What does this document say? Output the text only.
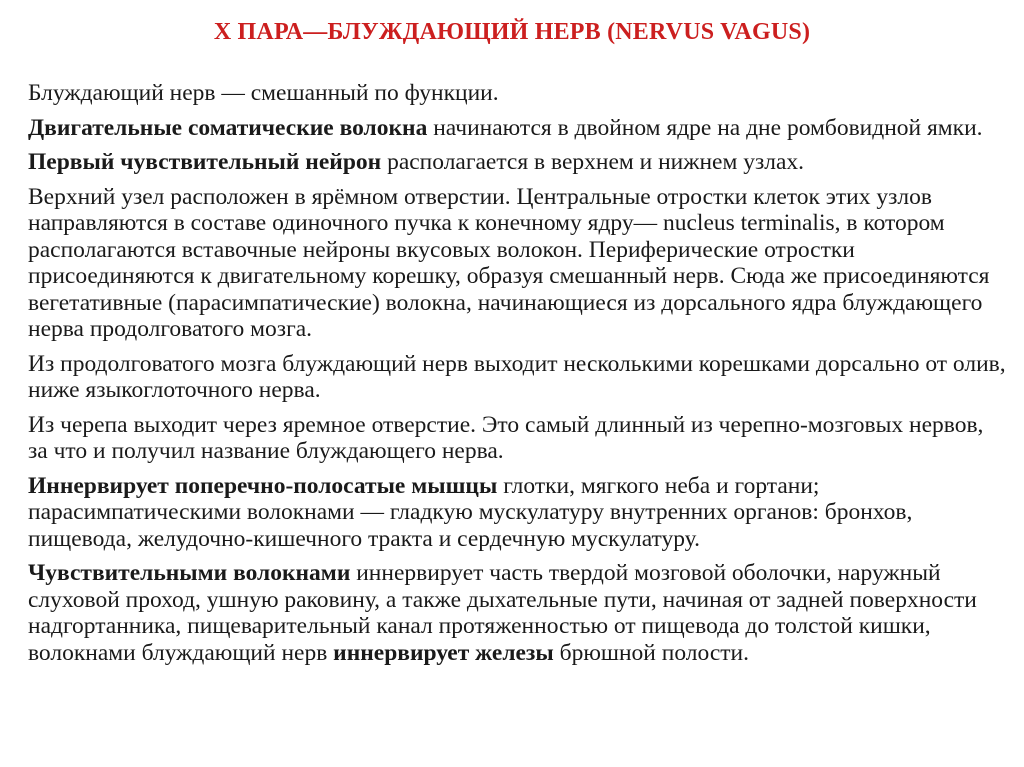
X ПАРА—БЛУЖДАЮЩИЙ НЕРВ (NERVUS VAGUS)
Блуждающий нерв — смешанный по функции.
Двигательные соматические волокна начинаются в двойном ядре на дне ромбовидной ямки.
Первый чувствительный нейрон располагается в верхнем и нижнем узлах.
Верхний узел расположен в ярёмном отверстии. Центральные отростки клеток этих узлов направляются в составе одиночного пучка к конечному ядру— nucleus terminalis, в котором располагаются вставочные нейроны вкусовых волокон. Периферические отростки присоединяются к двигательному корешку, образуя смешанный нерв. Сюда же присоединяются вегетативные (парасимпатические) волокна, начинающиеся из дорсального ядра блуждающего нерва продолговатого мозга.
Из продолговатого мозга блуждающий нерв выходит несколькими корешками дорсально от олив, ниже языкоглоточного нерва.
Из черепа выходит через яремное отверстие. Это самый длинный из черепно-мозговых нервов, за что и получил название блуждающего нерва.
Иннервирует поперечно-полосатые мышцы глотки, мягкого неба и гортани; парасимпатическими волокнами — гладкую мускулатуру внутренних органов: бронхов, пищевода, желудочно-кишечного тракта и сердечную мускулатуру.
Чувствительными волокнами иннервирует часть твердой мозговой оболочки, наружный слуховой проход, ушную раковину, а также дыхательные пути, начиная от задней поверхности надгортанника, пищеварительный канал протяженностью от пищевода до толстой кишки, волокнами блуждающий нерв иннервирует железы брюшной полости.
